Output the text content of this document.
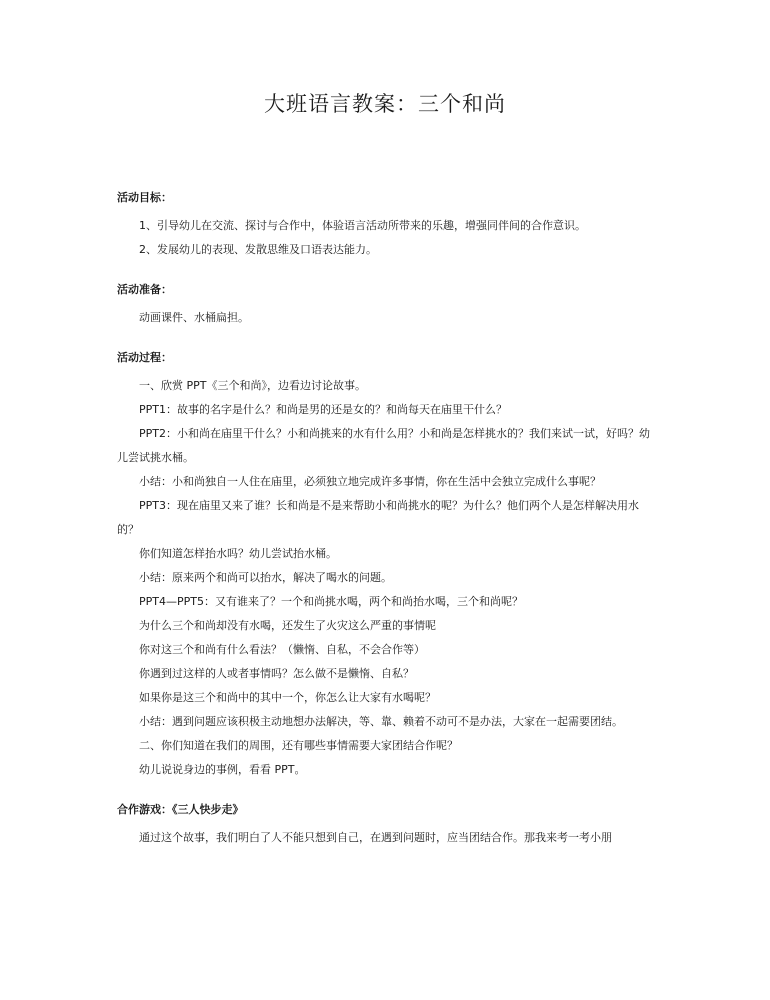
大班语言教案：三个和尚

活动目标：

1、引导幼儿在交流、探讨与合作中，体验语言活动所带来的乐趣，增强同伴间的合作意识。

2、发展幼儿的表现、发散思维及口语表达能力。

活动准备：

动画课件、水桶扁担。

活动过程：

一、欣赏 PPT《三个和尚》，边看边讨论故事。

PPT1：故事的名字是什么？和尚是男的还是女的？和尚每天在庙里干什么？

PPT2：小和尚在庙里干什么？小和尚挑来的水有什么用？小和尚是怎样挑水的？我们来试一试，好吗？幼儿尝试挑水桶。

小结：小和尚独自一人住在庙里，必须独立地完成许多事情，你在生活中会独立完成什么事呢？

PPT3：现在庙里又来了谁？长和尚是不是来帮助小和尚挑水的呢？为什么？他们两个人是怎样解决用水的？

你们知道怎样抬水吗？幼儿尝试抬水桶。

小结：原来两个和尚可以抬水，解决了喝水的问题。

PPT4—PPT5：又有谁来了？一个和尚挑水喝，两个和尚抬水喝，三个和尚呢？

为什么三个和尚却没有水喝，还发生了火灾这么严重的事情呢

你对这三个和尚有什么看法？（懒惰、自私，不会合作等）

你遇到过这样的人或者事情吗？怎么做不是懒惰、自私？

如果你是这三个和尚中的其中一个，你怎么让大家有水喝呢？

小结：遇到问题应该积极主动地想办法解决，等、靠、赖着不动可不是办法，大家在一起需要团结。

二、你们知道在我们的周围，还有哪些事情需要大家团结合作呢？

幼儿说说身边的事例，看看 PPT。

合作游戏：《三人快步走》

通过这个故事，我们明白了人不能只想到自己，在遇到问题时，应当团结合作。那我来考一考小朋
